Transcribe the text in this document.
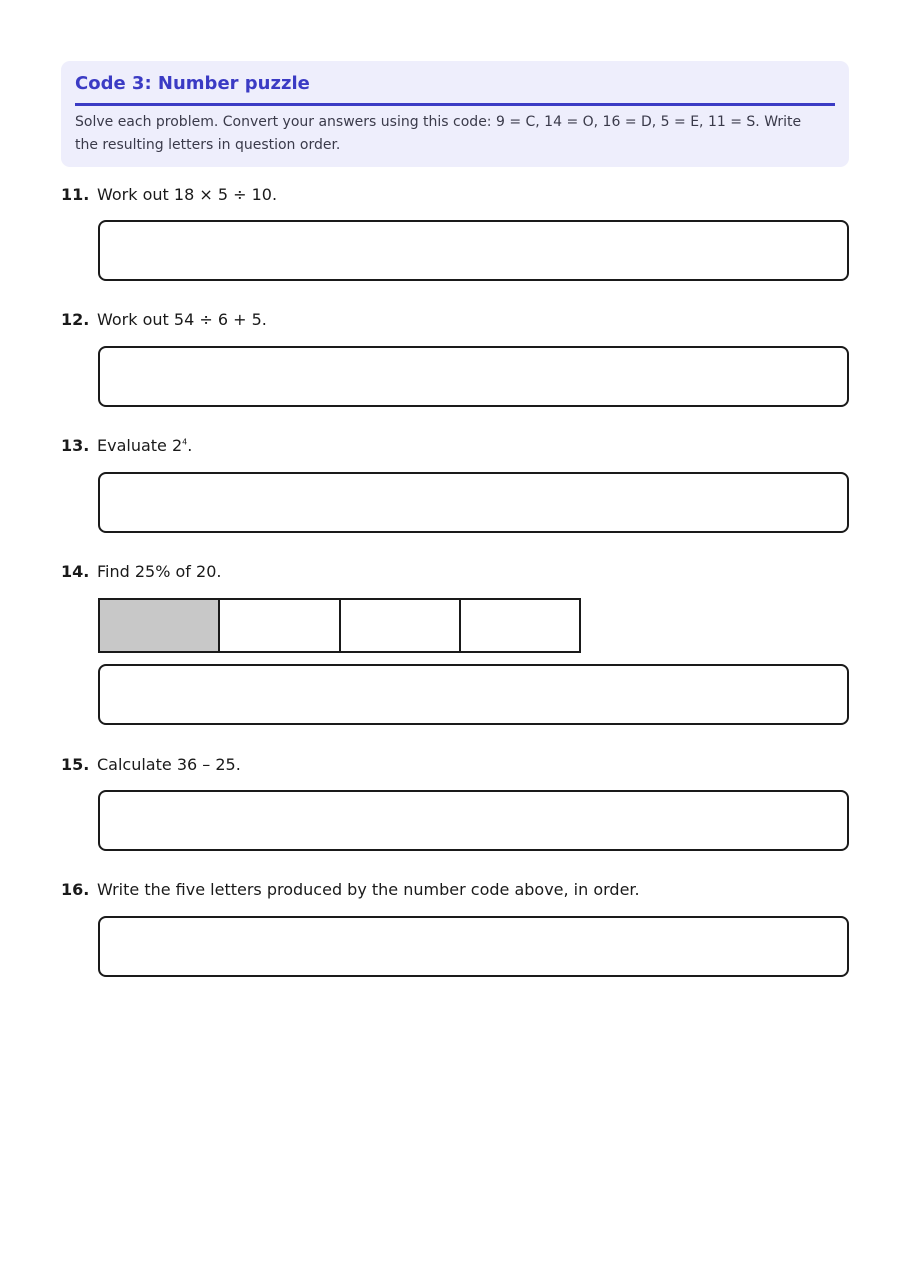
Code 3: Number puzzle
Solve each problem. Convert your answers using this code: 9 = C, 14 = O, 16 = D, 5 = E, 11 = S. Write the resulting letters in question order.
11. Work out 18 × 5 ÷ 10.
12. Work out 54 ÷ 6 + 5.
13. Evaluate $2^4$.
14. Find 25% of 20.
15. Calculate 36 – 25.
16. Write the five letters produced by the number code above, in order.
